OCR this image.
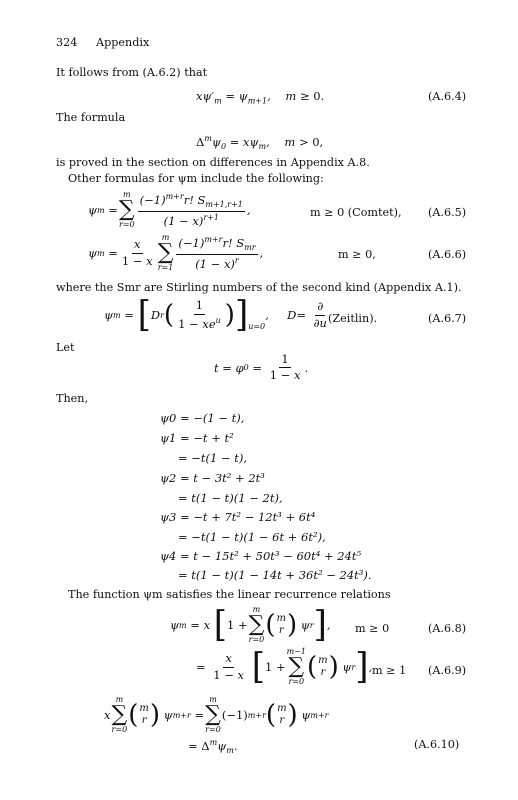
324 Appendix
It follows from (A.6.2) that
$x\psi'_m = \psi_{m+1}$,    m ≥ 0.	(A.6.4)
The formula
$\Delta^m\psi_0 = x\psi_m$,    m > 0,
is proved in the section on differences in Appendix A.8.
Other formulas for ψm include the following:
ψ m
=
m
∑
$r=0 \frac{(-1)^{m+r}r! S_{m+1,r+1}}{(1 - x)^{r+1}}$ ,	m ≥ 0 (Comtet), (A.6.5)
ψ m
= $\frac{x}{1 - x}$
m
∑
$r=1 \frac{(-1)^{m+r}r! S_{mr}}{(1 - x)^r}$ ,	m ≥ 0,	(A.6.6)
where the Smr are Stirling numbers of the second kind (Appendix A.1).
ψ m
=
[ D r ( $\frac{1}{1 - xe^u}$ ) ]$_{u=0}$
,     D =
$\frac{\partial}{\partial u}$ (Zeitlin).	(A.6.7)
Let
t = φ $0 = \frac{1}{1 - x}$ .
Then,
ψ0 = −(1 − t),
ψ1 = −t + t²
= −t(1 − t),
ψ2 = t − 3t² + 2t³
= t(1 − t)(1 − 2t),
ψ3 = −t + 7t² − 12t³ + 6t⁴
= −t(1 − t)(1 − 6t + 6t²),
ψ4 = t − 15t² + 50t³ − 60t⁴ + 24t⁵
= t(1 − t)(1 − 14t + 36t² − 24t³).
The function ψm satisfies the linear recurrence relations
ψ m
= x [ 1 +
m
∑
r=0 ( m
r ) ψ r ] , m ≥ 0	(A.6.8)
=
$\frac{x}{1 - x}$
[ 1 +
m−1
∑
r=0 ( m
r ) ψ r ] , m ≥ 1 (A.6.9)
x
m
∑
r=0 ( m
r ) ψ m+r
=
m
∑
r=0
(−1) m+r ( m
r ) ψ m+r
= $\Delta^m\psi_m$.	(A.6.10)
